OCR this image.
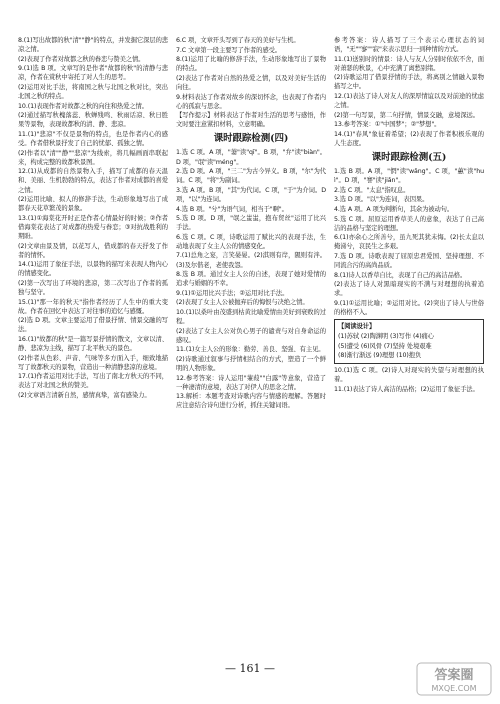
8.(1)写出故都的秋"清""静"的特点，并发掘它深层的悲凉之情。
(2)表现了作者对故都之秋的眷恋与赞美之情。
9.(1)选 B 项。文章写的是作者"故都的秋"的清静与悲凉，作者在赏秋中寄托了对人生的思考。
(2)运用对比手法，将南国之秋与北国之秋对比，突出北国之秋的特点。
10.(1)表现作者对故都之秋的向往和热爱之情。
(2)通过描写秋槐落蕊、秋蝉残鸣、秋雨话凉、秋日胜果等景物，表现故都秋的清、静、悲凉。
11.(1)"悲凉"不仅是景物的特点，也是作者内心的感受。作者借秋景抒发了自己的忧郁、孤独之情。
(2)作者以"清""静""悲凉"为线索，将几幅画面串联起来，构成完整的故都秋景图。
12.(1)从成都的自然景物入手，描写了成都的春天温和、美丽、生机勃勃的特点，表达了作者对成都的喜爱之情。
(2)运用比喻、拟人的修辞手法，生动形象地写出了成都春天花草繁茂的景象。
13.(1)①海棠花开时正是作者心情最好的时候；②作者借海棠花表达了对成都的热爱与眷恋；③对抗战胜利的期盼。
(2)文章由景及情，以花写人，借成都的春天抒发了作者的情怀。
14.(1)运用了象征手法，以景物的描写来表现人物内心的情感变化。
(2)第一次写出了环境的悲凉，第二次写出了作者的孤独与坚守。
15.(1)"那一年的秋天"指作者经历了人生中的重大变故。作者在回忆中表达了对往事的追忆与感慨。
(2)选 D 项。文章主要运用了借景抒情、情景交融的写法。
16.(1)"故都的秋"是一篇写景抒情的散文，文章以清、静、悲凉为主线，描写了北平秋天的景色。
(2)作者从色彩、声音、气味等多方面入手，细致地描写了故都秋天的景物，营造出一种清静悲凉的意境。
17.(1)作者运用对比手法，写出了南北方秋天的不同，表达了对北国之秋的赞美。
(2)文章语言清新自然，感情真挚，富有感染力。
6.C 项，文章开头写到了春天的美好与生机。
7.C 文章第一段主要写了作者的感受。
8.(1)运用了比喻的修辞手法，生动形象地写出了景物的特点。
(2)表达了作者对自然的热爱之情，以及对美好生活的向往。
9.材料表达了作者对故乡的深切怀念，也表现了作者内心的孤寂与思念。
【写作提示】材料表达了作者对生活的思考与感悟，作文时要注意紧扣材料，立意明确。
课时跟踪检测(四)
1.选 C 项。A 项，"萋"读"qī"。B 项，"弁"读"biàn"。D 项，"氓"读"méng"。
2.选 D 项。A 项，"三二"为古今异义。B 项，"尔"为代词。C 项，"将"为副词。
3.选 A 项。B 项，"其"为代词。C 项，"于"为介词。D 项，"以"为连词。
4.选 B 项。"兮"为语气词，相当于"啊"。
5.选 D 项。D 项，"氓之蚩蚩，抱布贸丝"运用了比兴手法。
6.选 C 项。C 项，诗歌运用了赋比兴的表现手法，生动地表现了女主人公的情感变化。
7.(1)总角之宴，言笑晏晏。(2)淇则有岸，隰则有泮。(3)及尔偕老，老使我怨。
8.选 B 项。通过女主人公的自述，表现了她对爱情的追求与婚姻的不幸。
9.(1)①运用比兴手法；②运用对比手法。
(2)表现了女主人公被抛弃后的悔恨与决绝之情。
10.(1)以桑叶由茂盛到枯黄比喻爱情由美好到衰败的过程。
(2)表达了女主人公对负心男子的谴责与对自身命运的感叹。
11.(1)女主人公的形象：勤劳、善良、坚强、有主见。
(2)诗歌通过叙事与抒情相结合的方式，塑造了一个鲜明的人物形象。
12.参考答案：诗人运用"蒹葭""白露"等意象，营造了一种凄清的意境，表达了对伊人的思念之情。
13.解析：本题考查对诗歌内容与情感的理解。答题时应注意结合诗句进行分析，抓住关键词语。
参考答案：诗人描写了三个表示心理状态的词语，"无""寥""寂"来表示思归一到种情的方式。
11.(1)送别时的情景：诗人与友人分别时依依不舍，面对萧瑟的秋景，心中充满了离愁别绪。
(2)诗歌运用了借景抒情的手法，将离别之情融入景物描写之中。
12.(1)表达了诗人对友人的深厚情谊以及对前途的忧虑之情。
(2)第一句写景，第二句抒情，情景交融，意境深远。
13.参考答案：①"中国梦"；②"梦想"。
14.(1)"春风"象征着希望；(2)表现了作者积极乐观的人生态度。
课时跟踪检测(五)
1.选 B 项。A 项，"惘"读"wǎng"。C 项，"蕙"读"huì"。D 项，"謇"读"jiǎn"。
2.选 C 项。"太息"指叹息。
3.选 D 项。"以"为连词，表因果。
4.选 A 项。A 项为判断句，其余为被动句。
5.选 C 项。屈原运用香草美人的意象，表达了自己高洁的品格与坚定的理想。
6.(1)亦余心之所善兮，虽九死其犹未悔。(2)长太息以掩涕兮，哀民生之多艰。
7.选 D 项。诗歌表现了屈原忠君爱国、坚持理想、不同流合污的高尚品质。
8.(1)诗人以香草自比，表现了自己的高洁品格。
(2)表达了诗人对黑暗现实的不满与对理想的执着追求。
9.(1)①运用比喻；②运用对比。(2)突出了诗人与世俗的格格不入。
【阅读设计】
(1)苏轼 (2)陶渊明 (3)写作 (4)痛心
(5)遭受 (6)风骨 (7)坚持 处境艰难
(8)渐行渐远 (9)理想 (10)抱负
10.(1)选 C 项。(2)诗人对现实的失望与对理想的执着。
11.(1)表达了诗人高洁的品格；(2)运用了象征手法。
— 161 —	答案圈
MXQE.COM
